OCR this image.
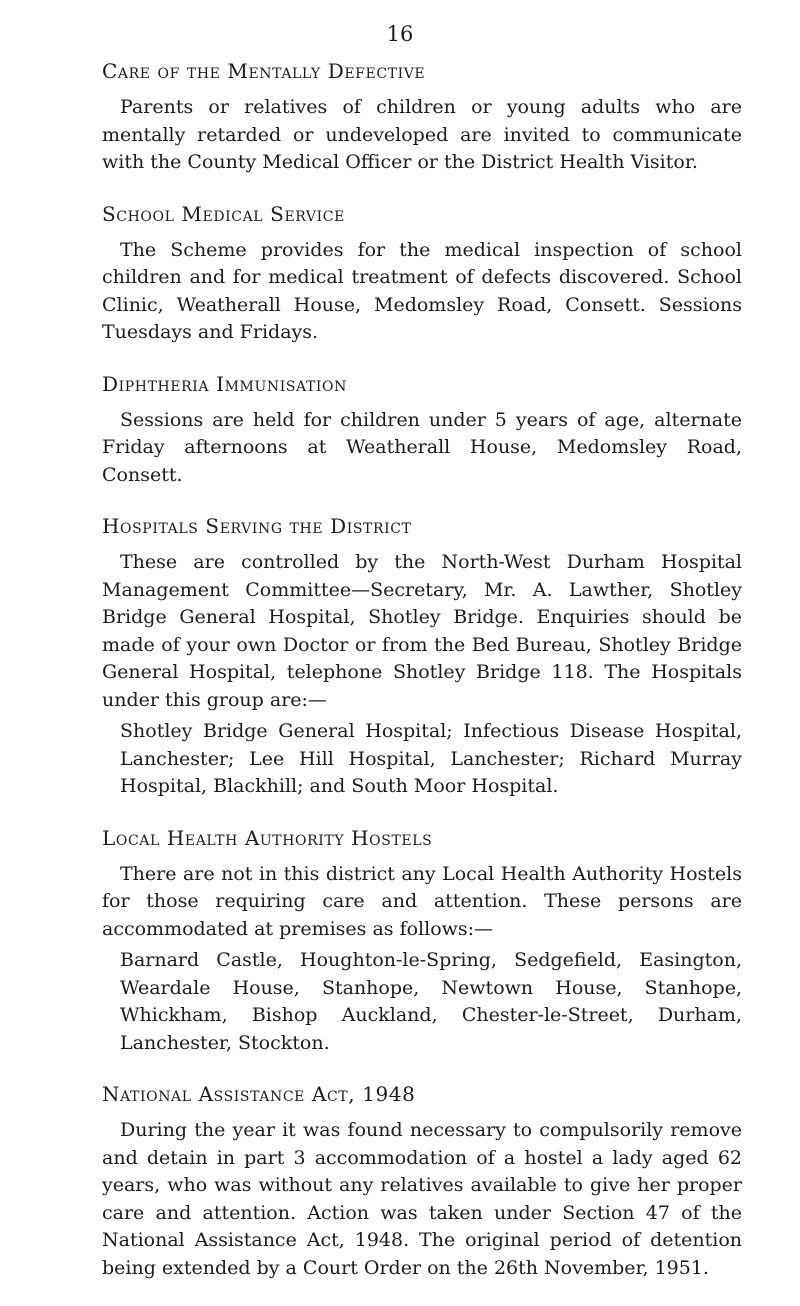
16
Care of the Mentally Defective

Parents or relatives of children or young adults who are mentally retarded or undeveloped are invited to communicate with the County Medical Officer or the District Health Visitor.

School Medical Service

The Scheme provides for the medical inspection of school children and for medical treatment of defects discovered. School Clinic, Weatherall House, Medomsley Road, Consett. Sessions Tuesdays and Fridays.

Diphtheria Immunisation

Sessions are held for children under 5 years of age, alternate Friday afternoons at Weatherall House, Medomsley Road, Consett.

Hospitals Serving the District

These are controlled by the North-West Durham Hospital Management Committee—Secretary, Mr. A. Lawther, Shotley Bridge General Hospital, Shotley Bridge. Enquiries should be made of your own Doctor or from the Bed Bureau, Shotley Bridge General Hospital, telephone Shotley Bridge 118. The Hospitals under this group are:—

Shotley Bridge General Hospital; Infectious Disease Hospital, Lanchester; Lee Hill Hospital, Lanchester; Richard Murray Hospital, Blackhill; and South Moor Hospital.

Local Health Authority Hostels

There are not in this district any Local Health Authority Hostels for those requiring care and attention. These persons are accommodated at premises as follows:—

Barnard Castle, Houghton-le-Spring, Sedgefield, Easington, Weardale House, Stanhope, Newtown House, Stanhope, Whickham, Bishop Auckland, Chester-le-Street, Durham, Lanchester, Stockton.

National Assistance Act, 1948

During the year it was found necessary to compulsorily remove and detain in part 3 accommodation of a hostel a lady aged 62 years, who was without any relatives available to give her proper care and attention. Action was taken under Section 47 of the National Assistance Act, 1948. The original period of detention being extended by a Court Order on the 26th November, 1951.
